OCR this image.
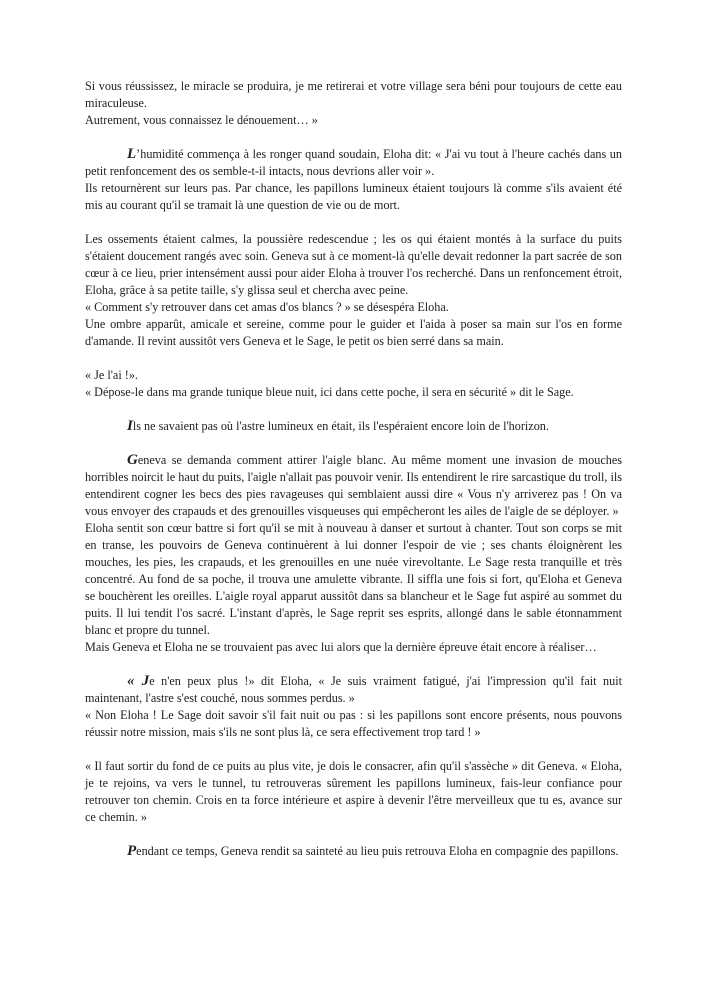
Si vous réussissez, le miracle se produira, je me retirerai et votre village sera béni pour toujours de cette eau miraculeuse.

Autrement, vous connaissez le dénouement… »

L’humidité commença à les ronger quand soudain, Eloha dit: « J'ai vu tout à l'heure cachés dans un petit renfoncement des os semble-t-il intacts, nous devrions aller voir ».

Ils retournèrent sur leurs pas. Par chance, les papillons lumineux étaient toujours là comme s'ils avaient été mis au courant qu'il se tramait là une question de vie ou de mort.

Les ossements étaient calmes, la poussière redescendue ; les os qui étaient montés à la surface du puits s'étaient doucement rangés avec soin. Geneva sut à ce moment-là qu'elle devait redonner la part sacrée de son cœur à ce lieu, prier intensément aussi pour aider Eloha à trouver l'os recherché. Dans un renfoncement étroit, Eloha, grâce à sa petite taille, s'y glissa seul et chercha avec peine.

« Comment s'y retrouver dans cet amas d'os blancs ? » se désespéra Eloha.

Une ombre apparût, amicale et sereine, comme pour le guider et l'aida à poser sa main sur l'os en forme d'amande. Il revint aussitôt vers Geneva et le Sage, le petit os bien serré dans sa main.

« Je l'ai !».

« Dépose-le dans ma grande tunique bleue nuit, ici dans cette poche, il sera en sécurité » dit le Sage.

Ils ne savaient pas où l'astre lumineux en était, ils l'espéraient encore loin de l'horizon.

Geneva se demanda comment attirer l'aigle blanc. Au même moment une invasion de mouches horribles noircit le haut du puits, l'aigle n'allait pas pouvoir venir. Ils entendirent le rire sarcastique du troll, ils entendirent cogner les becs des pies ravageuses qui semblaient aussi dire « Vous n'y arriverez pas ! On va vous envoyer des crapauds et des grenouilles visqueuses qui empêcheront les ailes de l'aigle de se déployer. »

Eloha sentit son cœur battre si fort qu'il se mit à nouveau à danser et surtout à chanter. Tout son corps se mit en transe, les pouvoirs de Geneva continuèrent à lui donner l'espoir de vie ; ses chants éloignèrent les mouches, les pies, les crapauds, et les grenouilles en une nuée virevoltante. Le Sage resta tranquille et très concentré. Au fond de sa poche, il trouva une amulette vibrante. Il siffla une fois si fort, qu'Eloha et Geneva se bouchèrent les oreilles. L'aigle royal apparut aussitôt dans sa blancheur et le Sage fut aspiré au sommet du puits. Il lui tendit l'os sacré. L'instant d'après, le Sage reprit ses esprits, allongé dans le sable étonnamment blanc et propre du tunnel.

Mais Geneva et Eloha ne se trouvaient pas avec lui alors que la dernière épreuve était encore à réaliser…

« Je n'en peux plus !» dit Eloha, « Je suis vraiment fatigué, j'ai l'impression qu'il fait nuit maintenant, l'astre s'est couché, nous sommes perdus. »

« Non Eloha ! Le Sage doit savoir s'il fait nuit ou pas : si les papillons sont encore présents, nous pouvons réussir notre mission, mais s'ils ne sont plus là, ce sera effectivement trop tard ! »

« Il faut sortir du fond de ce puits au plus vite, je dois le consacrer, afin qu'il s'assèche » dit Geneva. « Eloha, je te rejoins, va vers le tunnel, tu retrouveras sûrement les papillons lumineux, fais-leur confiance pour retrouver ton chemin. Crois en ta force intérieure et aspire à devenir l'être merveilleux que tu es, avance sur ce chemin. »

Pendant ce temps, Geneva rendit sa sainteté au lieu puis retrouva Eloha en compagnie des papillons.
